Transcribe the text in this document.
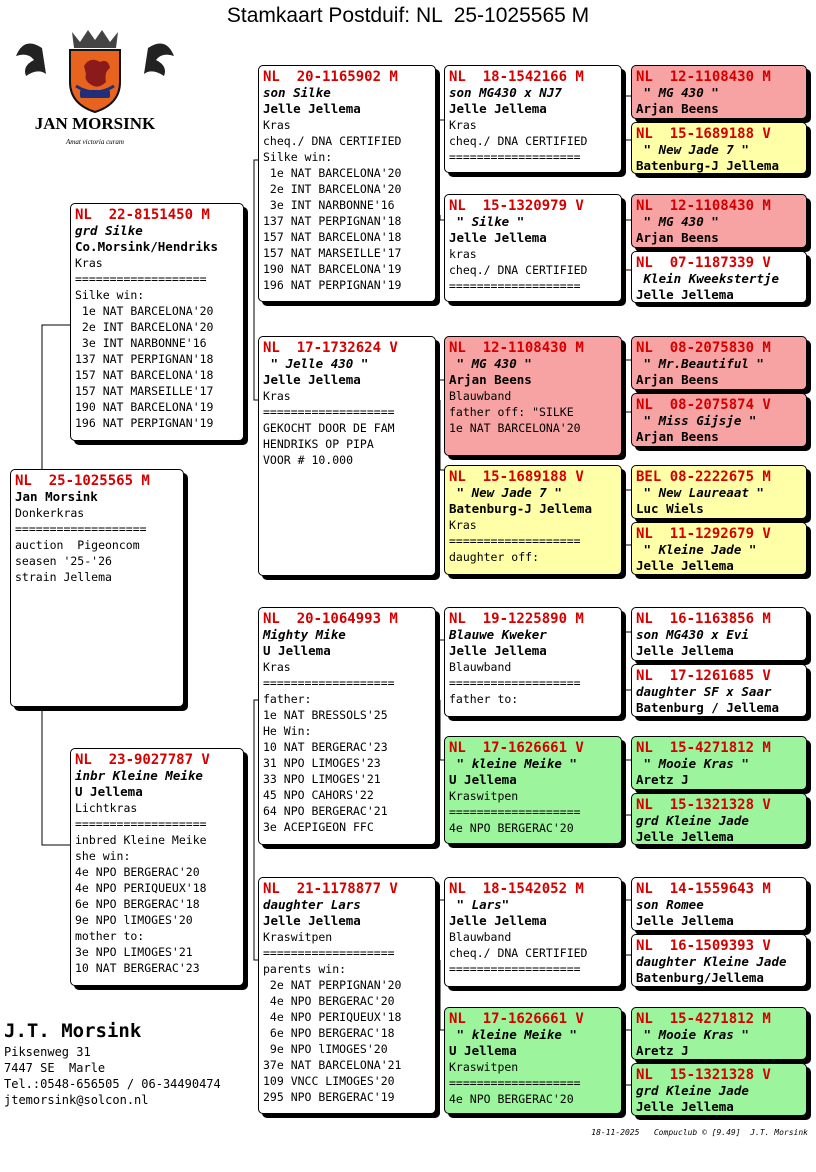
Stamkaart Postduif: NL  25-1025565 M
JAN MORSINK
Amat victoria curam
NL  25-1025565 M
Jan Morsink
Donkerkras
===================
auction  Pigeoncom
seasen '25-'26
strain Jellema
NL  22-8151450 M
grd Silke
Co.Morsink/Hendriks
Kras
===================
Silke win:
1e NAT BARCELONA'20
2e INT BARCELONA'20
3e INT NARBONNE'16
137 NAT PERPIGNAN'18
157 NAT BARCELONA'18
157 NAT MARSEILLE'17
190 NAT BARCELONA'19
196 NAT PERPIGNAN'19
NL  23-9027787 V
inbr Kleine Meike
U Jellema
Lichtkras
===================
inbred Kleine Meike
she win:
4e NPO BERGERAC'20
4e NPO PERIQUEUX'18
6e NPO BERGERAC'18
9e NPO lIMOGES'20
mother to:
3e NPO LIMOGES'21
10 NAT BERGERAC'23
NL  20-1165902 M
son Silke
Jelle Jellema
Kras
cheq./ DNA CERTIFIED
Silke win:
1e NAT BARCELONA'20
2e INT BARCELONA'20
3e INT NARBONNE'16
137 NAT PERPIGNAN'18
157 NAT BARCELONA'18
157 NAT MARSEILLE'17
190 NAT BARCELONA'19
196 NAT PERPIGNAN'19
NL  17-1732624 V
" Jelle 430 "
Jelle Jellema
Kras
===================
GEKOCHT DOOR DE FAM
HENDRIKS OP PIPA
VOOR # 10.000
NL  20-1064993 M
Mighty Mike
U Jellema
Kras
===================
father:
1e NAT BRESSOLS'25
He Win:
10 NAT BERGERAC'23
31 NPO LIMOGES'23
33 NPO LIMOGES'21
45 NPO CAHORS'22
64 NPO BERGERAC'21
3e ACEPIGEON FFC
NL  21-1178877 V
daughter Lars
Jelle Jellema
Kraswitpen
===================
parents win:
2e NAT PERPIGNAN'20
4e NPO BERGERAC'20
4e NPO PERIQUEUX'18
6e NPO BERGERAC'18
9e NPO lIMOGES'20
37e NAT BARCELONA'21
109 VNCC LIMOGES'20
295 NPO BERGERAC'19
NL  18-1542166 M
son MG430 x NJ7
Jelle Jellema
Kras
cheq./ DNA CERTIFIED
===================
NL  15-1320979 V
" Silke "
Jelle Jellema
kras
cheq./ DNA CERTIFIED
===================
NL  12-1108430 M
" MG 430 "
Arjan Beens
Blauwband
father off: "SILKE
1e NAT BARCELONA'20
NL  15-1689188 V
" New Jade 7 "
Batenburg-J Jellema
Kras
===================
daughter off:
NL  19-1225890 M
Blauwe Kweker
Jelle Jellema
Blauwband
===================
father to:
NL  17-1626661 V
" kleine Meike "
U Jellema
Kraswitpen
===================
4e NPO BERGERAC'20
NL  18-1542052 M
" Lars"
Jelle Jellema
Blauwband
cheq./ DNA CERTIFIED
===================
NL  17-1626661 V
" kleine Meike "
U Jellema
Kraswitpen
===================
4e NPO BERGERAC'20
NL  12-1108430 M
" MG 430 "
Arjan Beens
NL  15-1689188 V
" New Jade 7 "
Batenburg-J Jellema
NL  12-1108430 M
" MG 430 "
Arjan Beens
NL  07-1187339 V
Klein Kweekstertje
Jelle Jellema
NL  08-2075830 M
" Mr.Beautiful "
Arjan Beens
NL  08-2075874 V
" Miss Gijsje "
Arjan Beens
BEL 08-2222675 M
" New Laureaat "
Luc Wiels
NL  11-1292679 V
" Kleine Jade "
Jelle Jellema
NL  16-1163856 M
son MG430 x Evi
Jelle Jellema
NL  17-1261685 V
daughter SF x Saar
Batenburg / Jellema
NL  15-4271812 M
" Mooie Kras "
Aretz J
NL  15-1321328 V
grd Kleine Jade
Jelle Jellema
NL  14-1559643 M
son Romee
Jelle Jellema
NL  16-1509393 V
daughter Kleine Jade
Batenburg/Jellema
NL  15-4271812 M
" Mooie Kras "
Aretz J
NL  15-1321328 V
grd Kleine Jade
Jelle Jellema
J.T. Morsink
Piksenweg 31
7447 SE  Marle
Tel.:0548-656505 / 06-34490474
jtemorsink@solcon.nl
18-11-2025   Compuclub © [9.49]  J.T. Morsink
